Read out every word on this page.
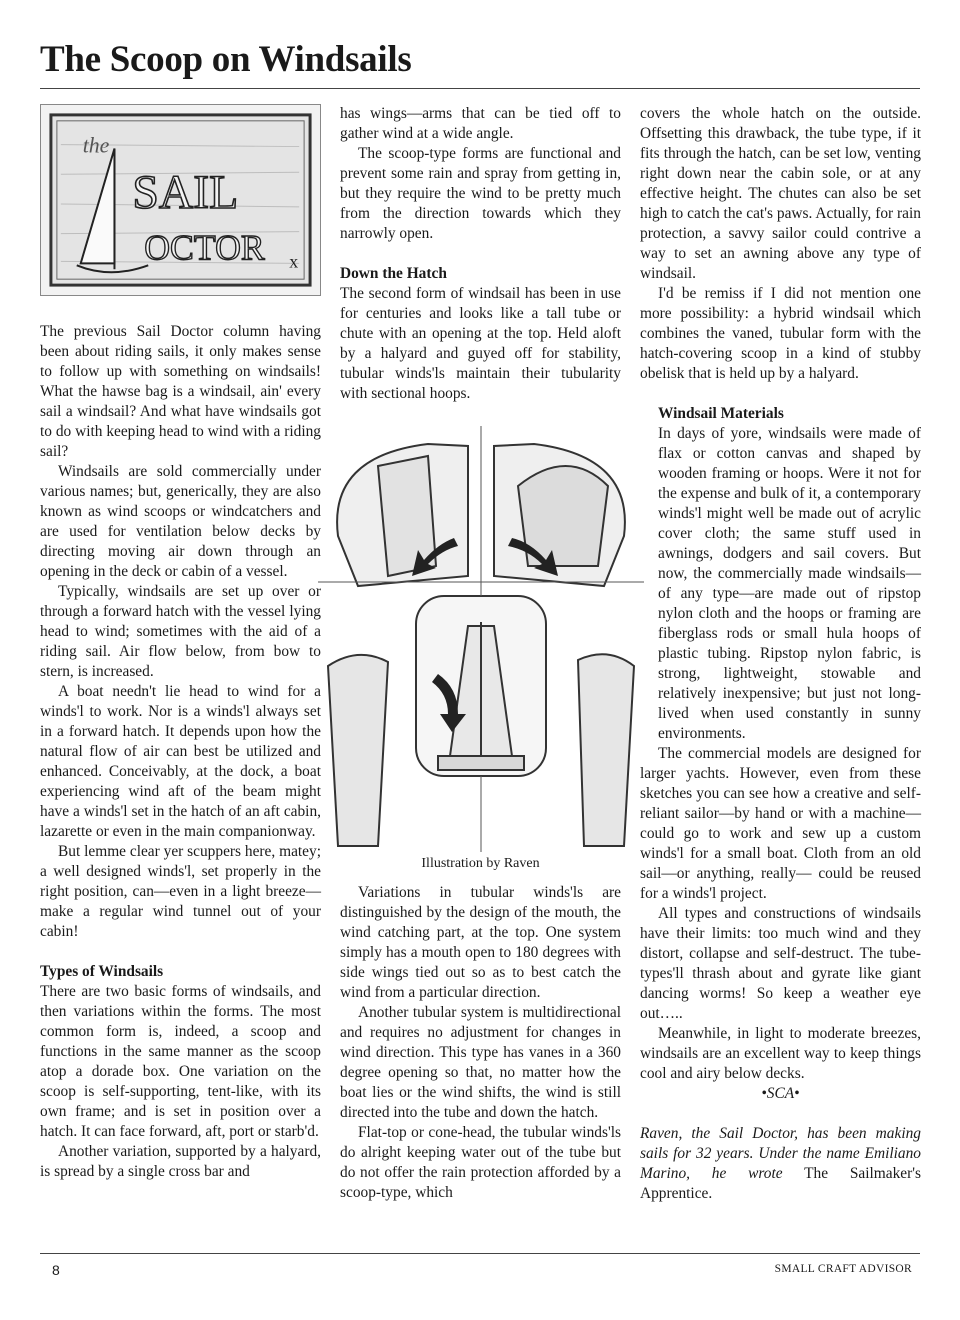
The Scoop on Windsails
the
SAIL
OCTOR x

The previous Sail Doctor column having been about riding sails, it only makes sense to follow up with something on windsails! What the hawse bag is a windsail, ain' every sail a windsail? And what have windsails got to do with keeping head to wind with a riding sail?

Windsails are sold commercially under various names; but, generically, they are also known as wind scoops or windcatchers and are used for ventilation below decks by directing moving air down through an opening in the deck or cabin of a vessel.

Typically, windsails are set up over or through a forward hatch with the vessel lying head to wind; sometimes with the aid of a riding sail. Air flow below, from bow to stern, is increased.

A boat needn't lie head to wind for a winds'l to work. Nor is a winds'l always set in a forward hatch. It depends upon how the natural flow of air can best be utilized and enhanced. Conceivably, at the dock, a boat experiencing wind aft of the beam might have a winds'l set in the hatch of an aft cabin, lazarette or even in the main companionway.

But lemme clear yer scuppers here, matey; a well designed winds'l, set properly in the right position, can—even in a light breeze—make a regular wind tunnel out of your cabin!

Types of Windsails

There are two basic forms of windsails, and then variations within the forms. The most common form is, indeed, a scoop and functions in the same manner as the scoop atop a dorade box. One variation on the scoop is self-supporting, tent-like, with its own frame; and is set in position over a hatch. It can face forward, aft, port or starb'd.

Another variation, supported by a halyard, is spread by a single cross bar and

has wings—arms that can be tied off to gather wind at a wide angle.

The scoop-type forms are functional and prevent some rain and spray from getting in, but they require the wind to be pretty much from the direction towards which they narrowly open.

Down the Hatch

The second form of windsail has been in use for centuries and looks like a tall tube or chute with an opening at the top. Held aloft by a halyard and guyed off for stability, tubular winds'ls maintain their tubularity with sectional hoops.

Illustration by Raven

Variations in tubular winds'ls are distinguished by the design of the mouth, the wind catching part, at the top. One system simply has a mouth open to 180 degrees with side wings tied out so as to best catch the wind from a particular direction.

Another tubular system is multidirectional and requires no adjustment for changes in wind direction. This type has vanes in a 360 degree opening so that, no matter how the boat lies or the wind shifts, the wind is still directed into the tube and down the hatch.

Flat-top or cone-head, the tubular winds'ls do alright keeping water out of the tube but do not offer the rain protection afforded by a scoop-type, which

covers the whole hatch on the outside. Offsetting this drawback, the tube type, if it fits through the hatch, can be set low, venting right down near the cabin sole, or at any effective height. The chutes can also be set high to catch the cat's paws. Actually, for rain protection, a savvy sailor could contrive a way to set an awning above any type of windsail.

I'd be remiss if I did not mention one more possibility: a hybrid windsail which combines the vaned, tubular form with the hatch-covering scoop in a kind of stubby obelisk that is held up by a halyard.

Windsail Materials

In days of yore, windsails were made of flax or cotton canvas and shaped by wooden framing or hoops. Were it not for the expense and bulk of it, a contemporary winds'l might well be made out of acrylic cover cloth; the same stuff used in awnings, dodgers and sail covers. But now, the commercially made windsails—of any type—are made out of ripstop nylon cloth and the hoops or framing are fiberglass rods or small hula hoops of plastic tubing. Ripstop nylon fabric, is strong, lightweight, stowable and relatively inexpensive; but just not long-lived when used constantly in sunny environments.

The commercial models are designed for larger yachts. However, even from these sketches you can see how a creative and self-reliant sailor—by hand or with a machine—could go to work and sew up a custom winds'l for a small boat. Cloth from an old sail—or anything, really— could be reused for a winds'l project.

All types and constructions of windsails have their limits: too much wind and they distort, collapse and self-destruct. The tube-types'll thrash about and gyrate like giant dancing worms! So keep a weather eye out…..

Meanwhile, in light to moderate breezes, windsails are an excellent way to keep things cool and airy below decks.

•SCA•

Raven, the Sail Doctor, has been making sails for 32 years. Under the name Emiliano Marino, he wrote The Sailmaker's Apprentice.

8	SMALL CRAFT ADVISOR
